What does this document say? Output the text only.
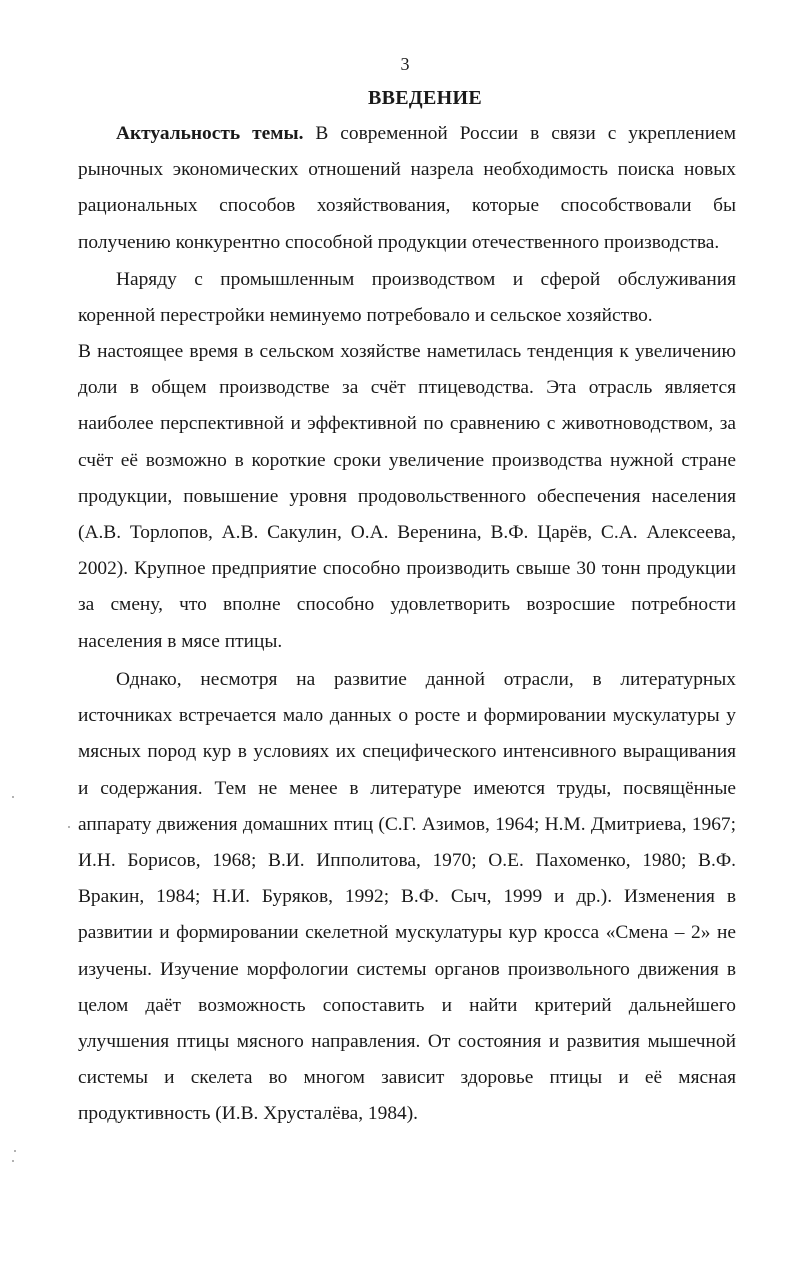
3
ВВЕДЕНИЕ

Актуальность темы. В современной России в связи с укреплением рыночных экономических отношений назрела необходимость поиска новых рациональных способов хозяйствования, которые способствовали бы получению конкурентно способной продукции отечественного производства.

Наряду с промышленным производством и сферой обслуживания коренной перестройки неминуемо потребовало и сельское хозяйство.

В настоящее время в сельском хозяйстве наметилась тенденция к увеличению доли в общем производстве за счёт птицеводства. Эта отрасль является наиболее перспективной и эффективной по сравнению с животноводством, за счёт её возможно в короткие сроки увеличение производства нужной стране продукции, повышение уровня продовольственного обеспечения населения (А.В. Торлопов, А.В. Сакулин, О.А. Веренина, В.Ф. Царёв, С.А. Алексеева, 2002). Крупное предприятие способно производить свыше 30 тонн продукции за смену, что вполне способно удовлетворить возросшие потребности населения в мясе птицы.

Однако, несмотря на развитие данной отрасли, в литературных источниках встречается мало данных о росте и формировании мускулатуры у мясных пород кур в условиях их специфического интенсивного выращивания и содержания. Тем не менее в литературе имеются труды, посвящённые аппарату движения домашних птиц (С.Г. Азимов, 1964; Н.М. Дмитриева, 1967; И.Н. Борисов, 1968; В.И. Ипполитова, 1970; О.Е. Пахоменко, 1980; В.Ф. Вракин, 1984; Н.И. Буряков, 1992; В.Ф. Сыч, 1999 и др.). Изменения в развитии и формировании скелетной мускулатуры кур кросса «Смена – 2» не изучены. Изучение морфологии системы органов произвольного движения в целом даёт возможность сопоставить и найти критерий дальнейшего улучшения птицы мясного направления. От состояния и развития мышечной системы и скелета во многом зависит здоровье птицы и её мясная продуктивность (И.В. Хрусталёва, 1984).
